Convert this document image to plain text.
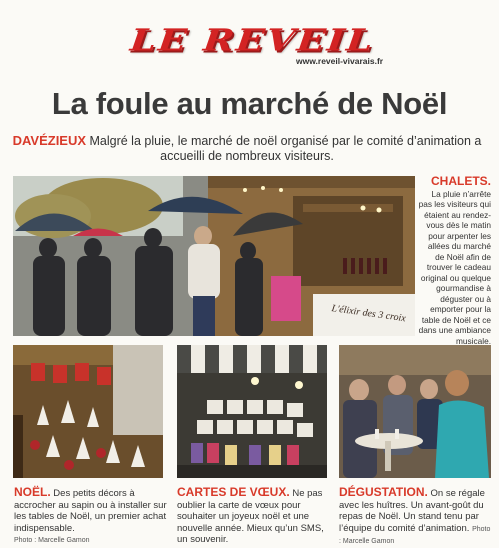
LE REVEIL
www.reveil-vivarais.fr
La foule au marché de Noël
DAVÉZIEUX Malgré la pluie, le marché de noël organisé par le comité d’animation a accueilli de nombreux visiteurs.
L'élixir des 3 croix
CHALETS.
La pluie n’arrête pas les visiteurs qui étaient au rendez-vous dès le matin pour arpenter les allées du marché de Noël afin de trouver le cadeau original ou quelque gourmandise à déguster ou à emporter pour la table de Noël et ce dans une ambiance musicale.

NOËL. Des petits décors à accrocher au sapin ou à installer sur les tables de Noël, un premier achat indispensable.
Photo : Marcelle Gamon
CARTES DE VŒUX. Ne pas oublier la carte de vœux pour souhaiter un joyeux noël et une nouvelle année. Mieux qu’un SMS, un souvenir.
DÉGUSTATION. On se régale avec les huîtres. Un avant-goût du repas de Noël. Un stand tenu par l’équipe du comité d’animation. Photo : Marcelle Gamon
